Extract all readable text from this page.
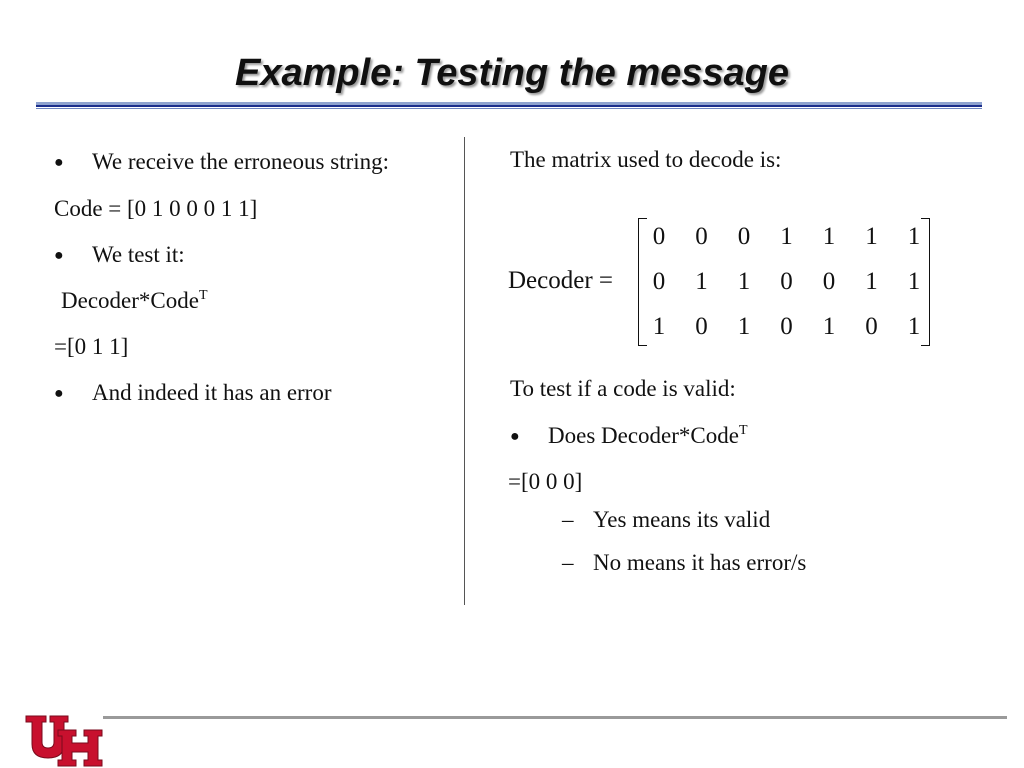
Example: Testing the message
● We receive the erroneous string:
Code = [0 1 0 0 0 1 1]
● We test it:
Decoder*Code$^T$
=[0 1 1]
● And indeed it has an error
The matrix used to decode is:
Decoder =
0 0 0 1 1 1 1
0 1 1 0 0 1 1
1 0 1 0 1 0 1
To test if a code is valid:
● Does Decoder*Code$^T$
=[0 0 0]
– Yes means its valid
– No means it has error/s
